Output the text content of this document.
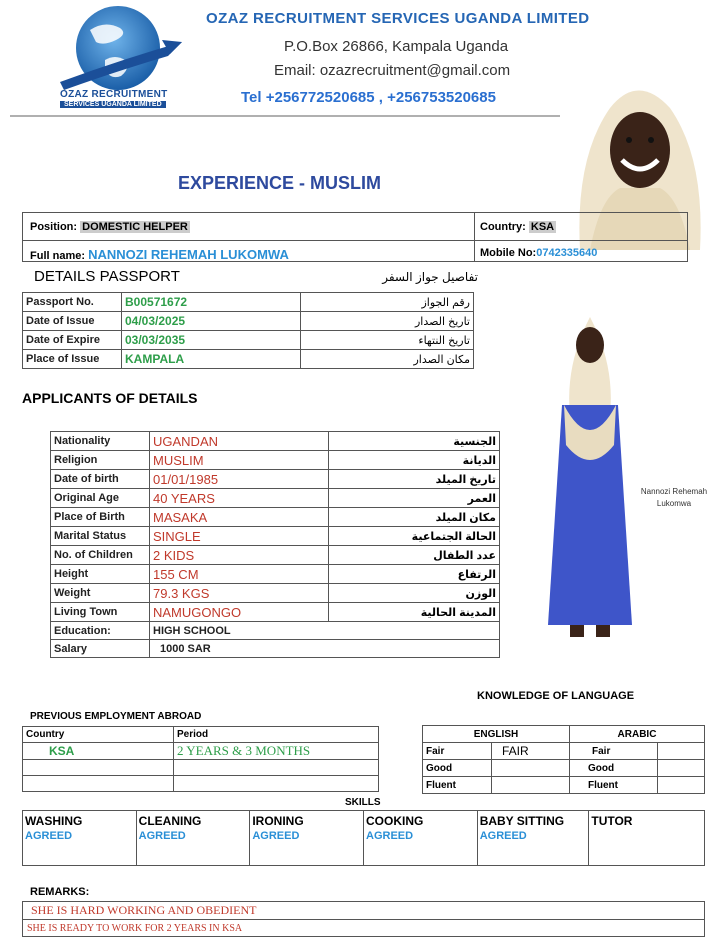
OZAZ RECRUITMENT
SERVICES UGANDA LIMITED
OZAZ RECRUITMENT SERVICES UGANDA LIMITED
P.O.Box 26866, Kampala Uganda
Email: ozazrecruitment@gmail.com
Tel +256772520685 , +256753520685
EXPERIENCE - MUSLIM
Position: DOMESTIC HELPER	Country: KSA
Full name: NANNOZI REHEMAH LUKOMWA	Mobile No:0742335640
DETAILS PASSPORT	تفاصيل جواز السفر
Passport No.	B00571672	رقم الجواز
Date of Issue	04/03/2025	تاريخ الصدار
Date of Expire	03/03/2035	تاريخ النتهاء
Place of Issue	KAMPALA	مكان الصدار
Nannozi Rehemah Lukomwa
APPLICANTS OF DETAILS
Nationality	UGANDAN	الجنسية
Religion	MUSLIM	الديانة
Date of birth	01/01/1985	تاريخ الميلد
Original Age	40 YEARS	العمر
Place of Birth	MASAKA	مكان الميلد
Marital Status	SINGLE	الحالة الجتماعية
No. of Children	2 KIDS	عدد الطفال
Height	155 CM	الرتفاع
Weight	79.3 KGS	الوزن
Living Town	NAMUGONGO	المدينة الحالية
Education:	HIGH SCHOOL	
Salary	1000 SAR	
KNOWLEDGE OF LANGUAGE
ENGLISH		ARABIC	
Fair	FAIR	Fair	
Good		Good	
Fluent		Fluent	
PREVIOUS EMPLOYMENT ABROAD
Country	Period
KSA	2 YEARS & 3 MONTHS

SKILLS
WASHING
AGREED
CLEANING
AGREED
IRONING
AGREED
COOKING
AGREED
BABY SITTING
AGREED
TUTOR
REMARKS:
SHE IS HARD WORKING AND OBEDIENT
SHE IS READY TO WORK FOR 2 YEARS IN KSA
